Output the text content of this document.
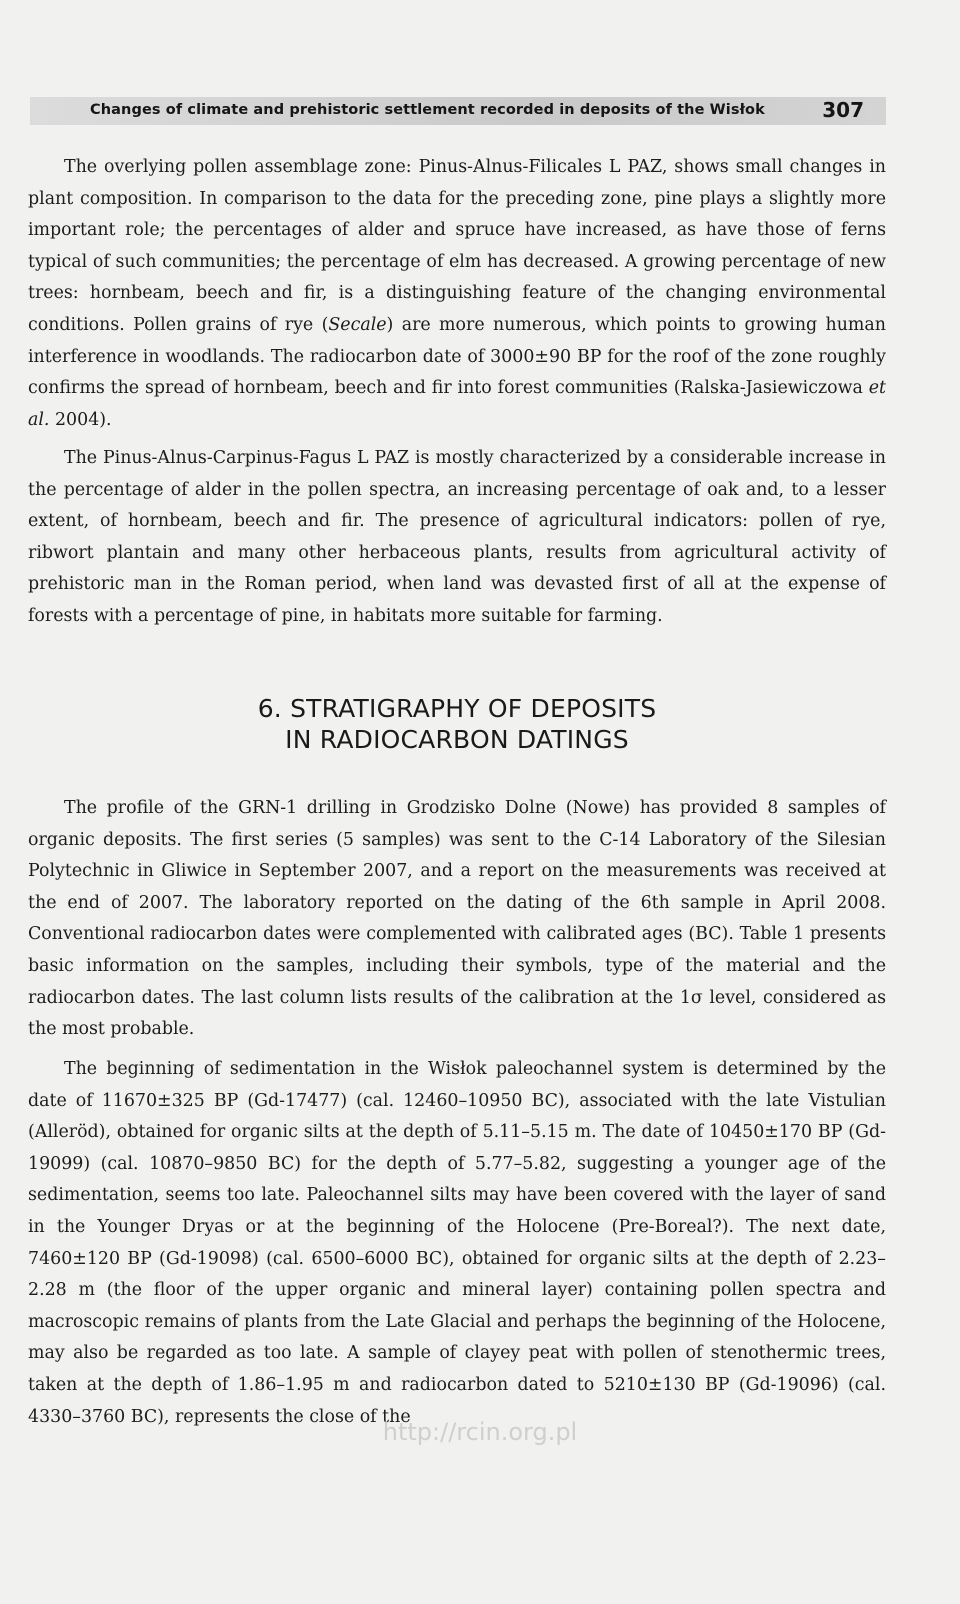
Changes of climate and prehistoric settlement recorded in deposits of the Wisłok	307

The overlying pollen assemblage zone: Pinus-Alnus-Filicales L PAZ, shows small changes in plant composition. In comparison to the data for the preceding zone, pine plays a slightly more important role; the percentages of alder and spruce have increased, as have those of ferns typical of such communities; the percentage of elm has decreased. A growing percentage of new trees: hornbeam, beech and fir, is a distinguishing feature of the changing environmental conditions. Pollen grains of rye (Secale) are more numerous, which points to growing human interference in woodlands. The radiocarbon date of 3000±90 BP for the roof of the zone roughly confirms the spread of hornbeam, beech and fir into forest communities (Ralska-Jasiewiczowa et al. 2004).

The Pinus-Alnus-Carpinus-Fagus L PAZ is mostly characterized by a considerable increase in the percentage of alder in the pollen spectra, an increasing percentage of oak and, to a lesser extent, of hornbeam, beech and fir. The presence of agricultural indicators: pollen of rye, ribwort plantain and many other herbaceous plants, results from agricultural activity of prehistoric man in the Roman period, when land was devasted first of all at the expense of forests with a percentage of pine, in habitats more suitable for farming.

6. STRATIGRAPHY OF DEPOSITS
IN RADIOCARBON DATINGS

The profile of the GRN-1 drilling in Grodzisko Dolne (Nowe) has provided 8 samples of organic deposits. The first series (5 samples) was sent to the C-14 Laboratory of the Silesian Polytechnic in Gliwice in September 2007, and a report on the measurements was received at the end of 2007. The laboratory reported on the dating of the 6th sample in April 2008. Conventional radiocarbon dates were complemented with calibrated ages (BC). Table 1 presents basic information on the samples, including their symbols, type of the material and the radiocarbon dates. The last column lists results of the calibration at the 1σ level, considered as the most probable.

The beginning of sedimentation in the Wisłok paleochannel system is determined by the date of 11670±325 BP (Gd-17477) (cal. 12460–10950 BC), associated with the late Vistulian (Alleröd), obtained for organic silts at the depth of 5.11–5.15 m. The date of 10450±170 BP (Gd-19099) (cal. 10870–9850 BC) for the depth of 5.77–5.82, suggesting a younger age of the sedimentation, seems too late. Paleochannel silts may have been covered with the layer of sand in the Younger Dryas or at the beginning of the Holocene (Pre-Boreal?). The next date, 7460±120 BP (Gd-19098) (cal. 6500–6000 BC), obtained for organic silts at the depth of 2.23–2.28 m (the floor of the upper organic and mineral layer) containing pollen spectra and macroscopic remains of plants from the Late Glacial and perhaps the beginning of the Holocene, may also be regarded as too late. A sample of clayey peat with pollen of stenothermic trees, taken at the depth of 1.86–1.95 m and radiocarbon dated to 5210±130 BP (Gd-19096) (cal. 4330–3760 BC), represents the close of the

http://rcin.org.pl
